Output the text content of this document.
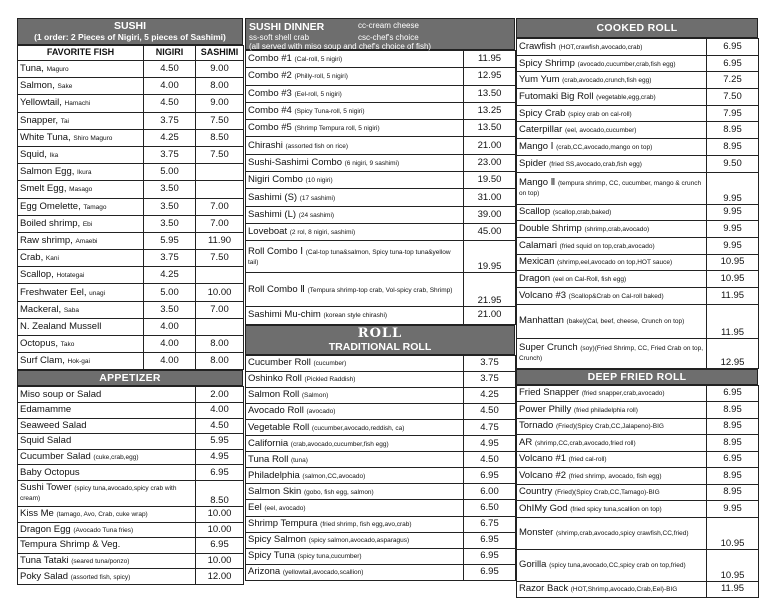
SUSHI
(1 order: 2 Pieces of Nigiri, 5 pieces of Sashimi)
FAVORITE FISH	NIGIRI	SASHIMI
Tuna, Maguro	4.50	9.00
Salmon, Sake	4.00	8.00
Yellowtail, Hamachi	4.50	9.00
Snapper, Tai	3.75	7.50
White Tuna, Shiro Maguro	4.25	8.50
Squid, Ika	3.75	7.50
Salmon Egg, Ikura	5.00	
Smelt Egg, Masago	3.50	
Egg Omelette, Tamago	3.50	7.00
Boiled shrimp, Ebi	3.50	7.00
Raw shrimp, Amaebi	5.95	11.90
Crab, Kani	3.75	7.50
Scallop, Hotategai	4.25	
Freshwater Eel, unagi	5.00	10.00
Mackeral, Saba	3.50	7.00
N. Zealand Mussell	4.00	
Octopus, Tako	4.00	8.00
Surf Clam, Hok-gai	4.00	8.00
APPETIZER
Miso soup or Salad	2.00
Edamamme	4.00
Seaweed Salad	4.50
Squid Salad	5.95
Cucumber Salad (cuke,crab,egg)	4.95
Baby Octopus	6.95
Sushi Tower (spicy tuna,avocado,spicy crab with cream)	8.50
Kiss Me (tamago, Avo, Crab, cuke wrap)	10.00
Dragon Egg (Avocado Tuna fries)	10.00
Tempura Shrimp & Veg.	6.95
Tuna Tataki (seared tuna/ponzo)	10.00
Poky Salad (assorted fish, spicy)	12.00
SUSHI DINNER	cc-cream cheese
ss-soft shell crab	csc-chef's choice
(all served with miso soup and chef's choice of fish)
Combo #1 (Cal-roll, 5 nigiri)	11.95
Combo #2 (Philly-roll, 5 nigiri)	12.95
Combo #3 (Eel-roll, 5 nigiri)	13.50
Combo #4 (Spicy Tuna-roll, 5 nigiri)	13.25
Combo #5 (Shrimp Tempura roll, 5 nigiri)	13.50
Chirashi (assorted fish on rice)	21.00
Sushi-Sashimi Combo (6 nigiri, 9 sashimi)	23.00
Nigiri Combo (10 nigiri)	19.50
Sashimi (S) (17 sashimi)	31.00
Sashimi (L) (24 sashimi)	39.00
Loveboat (2 rol, 8 nigiri, sashimi)	45.00
Roll Combo Ⅰ (Cal-top tuna&salmon, Spicy tuna-top tuna&yellow tail)	19.95
Roll Combo Ⅱ (Tempura shrimp-top crab, Vol-spicy crab, Shrimp)	21.95
Sashimi Mu-chim (korean style chirashi)	21.00
ROLL
TRADITIONAL ROLL
Cucumber Roll (cucumber)	3.75
Oshinko Roll (Pickled Raddish)	3.75
Salmon Roll (Salmon)	4.25
Avocado Roll (avocado)	4.50
Vegetable Roll (cucumber,avocado,reddish, ca)	4.75
California (crab,avocado,cucumber,fish egg)	4.95
Tuna Roll (tuna)	4.50
Philadelphia (salmon,CC,avocado)	6.95
Salmon Skin (gobo, fish egg, salmon)	6.00
Eel (eel, avocado)	6.50
Shrimp Tempura (fried shrimp, fish egg,avo,crab)	6.75
Spicy Salmon (spicy salmon,avocado,asparagus)	6.95
Spicy Tuna (spicy tuna,cucumber)	6.95
Arizona (yellowtail,avocado,scallion)	6.95
COOKED ROLL
Crawfish (HOT,crawfish,avocado,crab)	6.95
Spicy Shrimp (avocado,cucumber,crab,fish egg)	6.95
Yum Yum (crab,avocado,crunch,fish egg)	7.25
Futomaki Big Roll (vegetable,egg,crab)	7.50
Spicy Crab (spicy crab on cal-roll)	7.95
Caterpillar (eel, avocado,cucumber)	8.95
Mango Ⅰ (crab,CC,avocado,mango on top)	8.95
Spider (fried SS,avocado,crab,fish egg)	9.50
Mango Ⅱ (tempura shrimp, CC, cucumber, mango & crunch on top)	9.95
Scallop (scallop,crab,baked)	9.95
Double Shrimp (shrimp,crab,avocado)	9.95
Calamari (fried squid on top,crab,avocado)	9.95
Mexican (shrimp,eel,avocado on top,HOT sauce)	10.95
Dragon (eel on Cal-Roll, fish egg)	10.95
Volcano #3 (Scallop&Crab on Cal-roll baked)	11.95
Manhattan (bake)(Cal, beef, cheese, Crunch on top)	11.95
Super Crunch (soy)(Fried Shrimp, CC, Fried Crab on top, Crunch)	12.95
DEEP FRIED ROLL
Fried Snapper (fried snapper,crab,avocado)	6.95
Power Philly (fried philadelphia roll)	8.95
Tornado (Fried)(Spicy Crab,CC,Jalapeno)-BIG	8.95
AR (shrimp,CC,crab,avocado,fried roll)	8.95
Volcano #1 (fried cal-roll)	6.95
Volcano #2 (fried shrimp, avocado, fish egg)	8.95
Country (Fried)(Spicy Crab,CC,Tamago)-BIG	8.95
OhIMy God (fried spicy tuna,scallion on top)	9.95
Monster (shrimp,crab,avocado,spicy crawfish,CC,fried)	10.95
Gorilla (spicy tuna,avocado,CC,spicy crab on top,fried)	10.95
Razor Back (HOT,Shrimp,avocado,Crab,Eel)-BIG	11.95
